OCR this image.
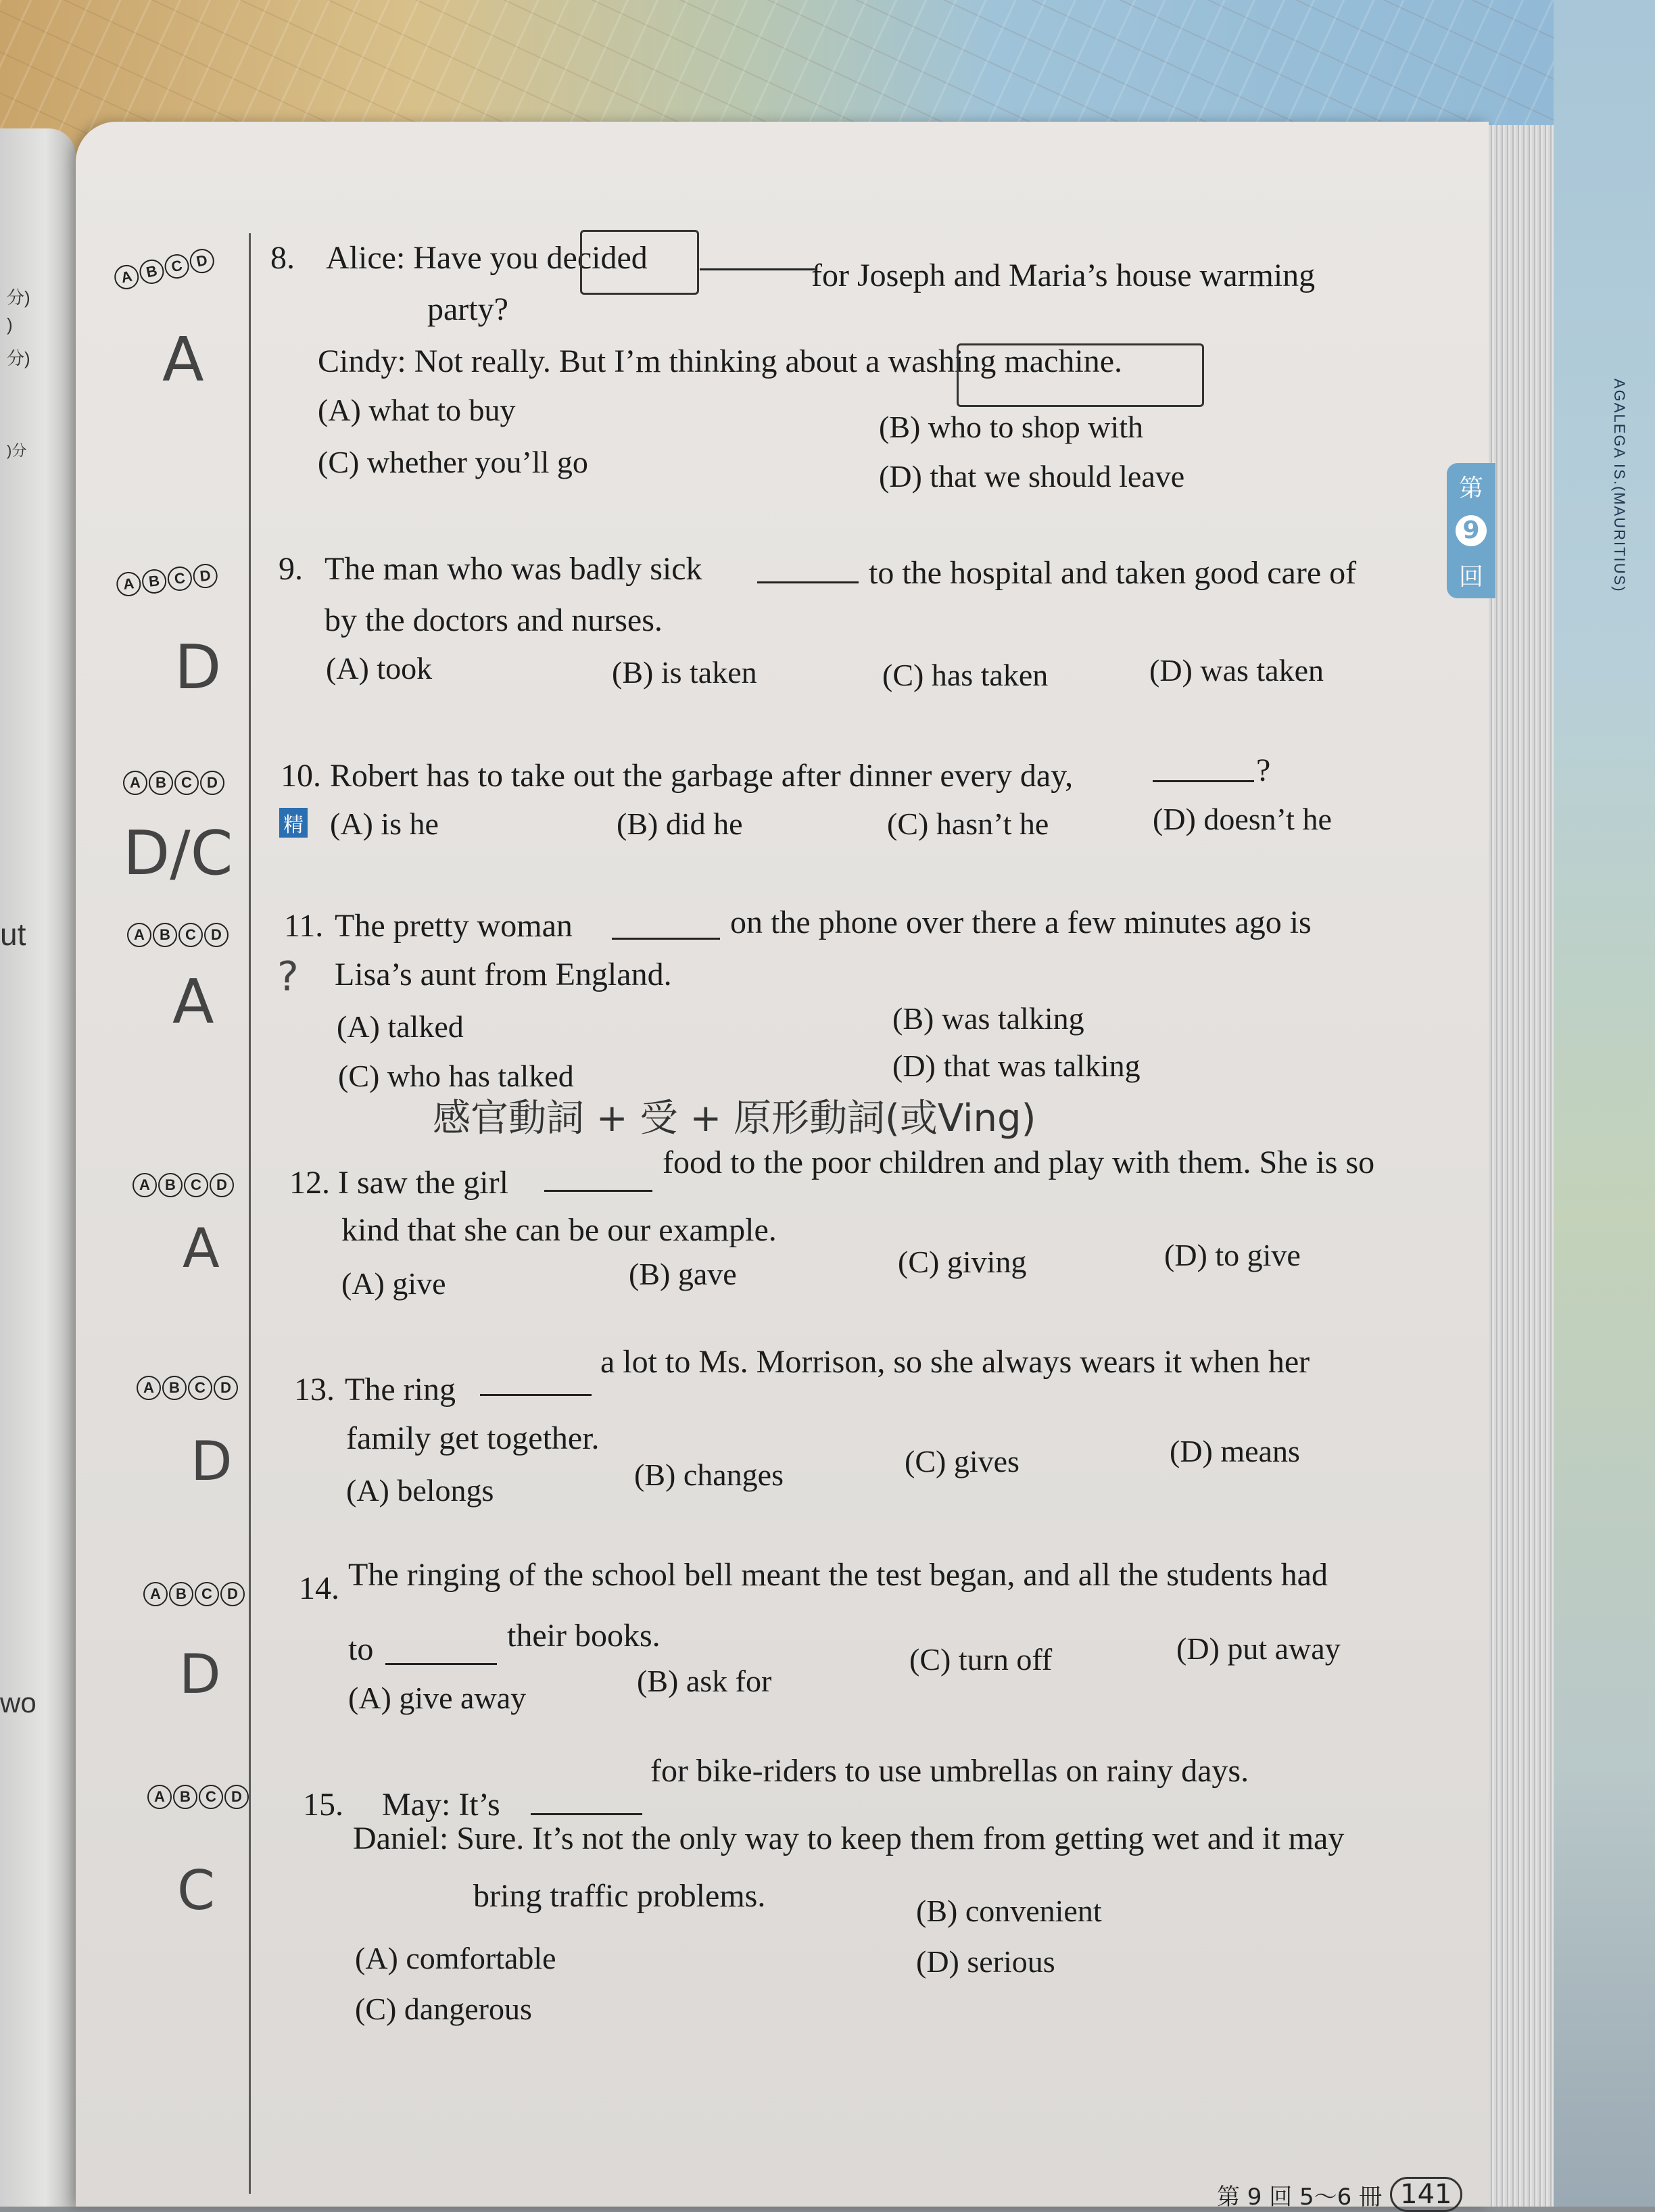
AGALEGA IS.(MAURITIUS)
分)
)
分)
)分
ut
wo
第
9
回
A B C D 8. Alice: Have you decided	for Joseph and Maria’s house warming
party?
Cindy: Not really. But I’m thinking about a washing machine.
(A) what to buy	(B) who to shop with
(C) whether you’ll go	(D) that we should leave
A
A B C D 9. The man who was badly sick	to the hospital and taken good care of
by the doctors and nurses.
(A) took	(B) is taken	(C) has taken	(D) was taken
D
A	B	C	D 10. Robert has to take out the garbage after dinner every day,	?
精 (A) is he	(B) did he	(C) hasn’t he	(D) doesn’t he
D/C
A	B	C	D 11. The pretty woman	on the phone over there a few minutes ago is
Lisa’s aunt from England.
(A) talked	(B) was talking
(C) who has talked	(D) that was talking
A ?
感官動詞 + 受 + 原形動詞(或Ving)
A	B	C	D 12. I saw the girl
food to the poor children and play with them. She is so
kind that she can be our example.
(A) give	(B) gave	(C) giving	(D) to give
A
A	B	C	D 13. The ring
a lot to Ms. Morrison, so she always wears it when her
family get together.
(A) belongs	(B) changes	(C) gives	(D) means
D
A	B	C	D 14. The ringing of the school bell meant the test began, and all the students had
to	their books.
(A) give away	(B) ask for
(C) turn off	(D) put away
D
A	B	C	D 15. May: It’s
for bike-riders to use umbrellas on rainy days.
Daniel: Sure. It’s not the only way to keep them from getting wet and it may
bring traffic problems.
(A) comfortable
(B) convenient
(C) dangerous
(D) serious
C
第 9 回 5～6 冊 141
